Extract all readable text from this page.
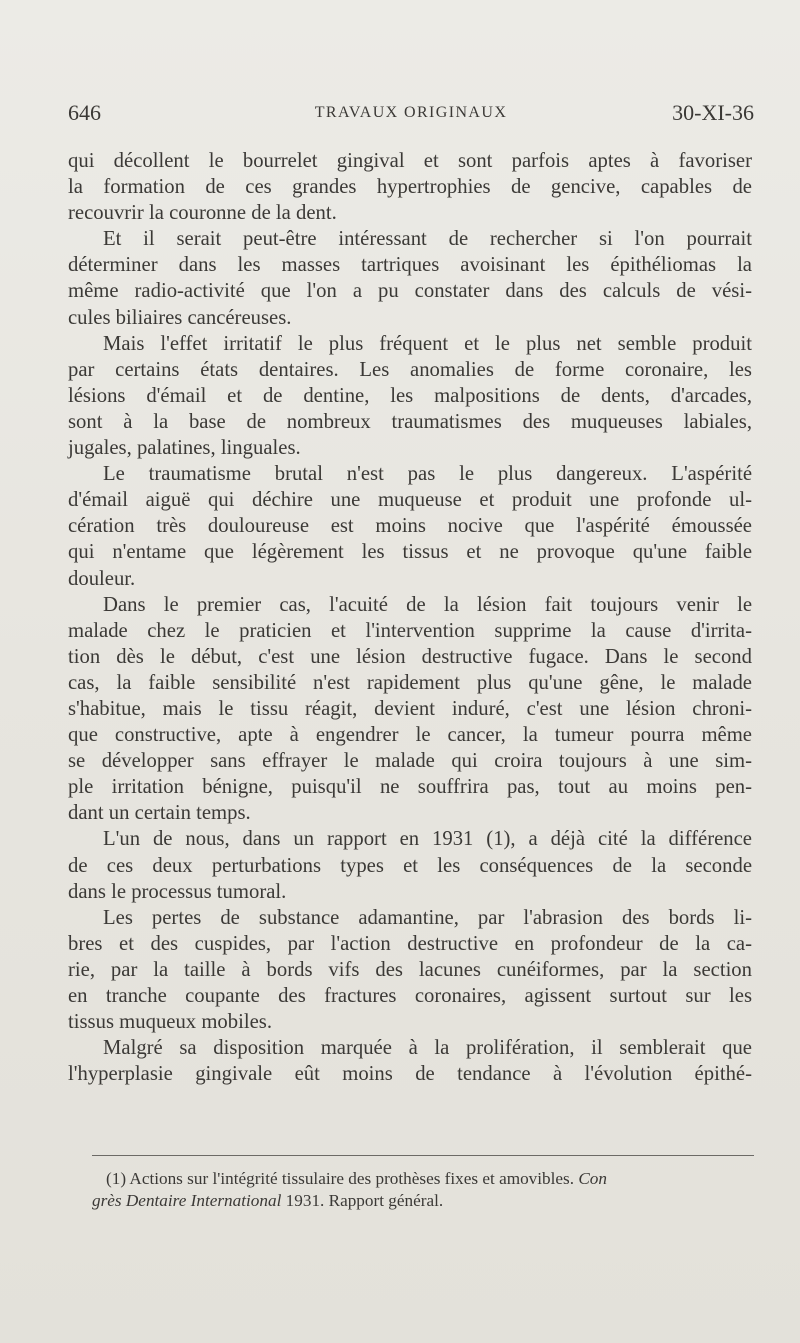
646	TRAVAUX ORIGINAUX	30-XI-36

qui décollent le bourrelet gingival et sont parfois aptes à favoriser
la formation de ces grandes hypertrophies de gencive, capables de
recouvrir la couronne de la dent.

Et il serait peut-être intéressant de rechercher si l'on pourrait
déterminer dans les masses tartriques avoisinant les épithéliomas la
même radio-activité que l'on a pu constater dans des calculs de vési-
cules biliaires cancéreuses.

Mais l'effet irritatif le plus fréquent et le plus net semble produit
par certains états dentaires. Les anomalies de forme coronaire, les
lésions d'émail et de dentine, les malpositions de dents, d'arcades,
sont à la base de nombreux traumatismes des muqueuses labiales,
jugales, palatines, linguales.

Le traumatisme brutal n'est pas le plus dangereux. L'aspérité
d'émail aiguë qui déchire une muqueuse et produit une profonde ul-
cération très douloureuse est moins nocive que l'aspérité émoussée
qui n'entame que légèrement les tissus et ne provoque qu'une faible
douleur.

Dans le premier cas, l'acuité de la lésion fait toujours venir le
malade chez le praticien et l'intervention supprime la cause d'irrita-
tion dès le début, c'est une lésion destructive fugace. Dans le second
cas, la faible sensibilité n'est rapidement plus qu'une gêne, le malade
s'habitue, mais le tissu réagit, devient induré, c'est une lésion chroni-
que constructive, apte à engendrer le cancer, la tumeur pourra même
se développer sans effrayer le malade qui croira toujours à une sim-
ple irritation bénigne, puisqu'il ne souffrira pas, tout au moins pen-
dant un certain temps.

L'un de nous, dans un rapport en 1931 (1), a déjà cité la différence
de ces deux perturbations types et les conséquences de la seconde
dans le processus tumoral.

Les pertes de substance adamantine, par l'abrasion des bords li-
bres et des cuspides, par l'action destructive en profondeur de la ca-
rie, par la taille à bords vifs des lacunes cunéiformes, par la section
en tranche coupante des fractures coronaires, agissent surtout sur les
tissus muqueux mobiles.

Malgré sa disposition marquée à la prolifération, il semblerait que
l'hyperplasie gingivale eût moins de tendance à l'évolution épithé-

(1) Actions sur l'intégrité tissulaire des prothèses fixes et amovibles. Con
grès Dentaire International 1931. Rapport général.
